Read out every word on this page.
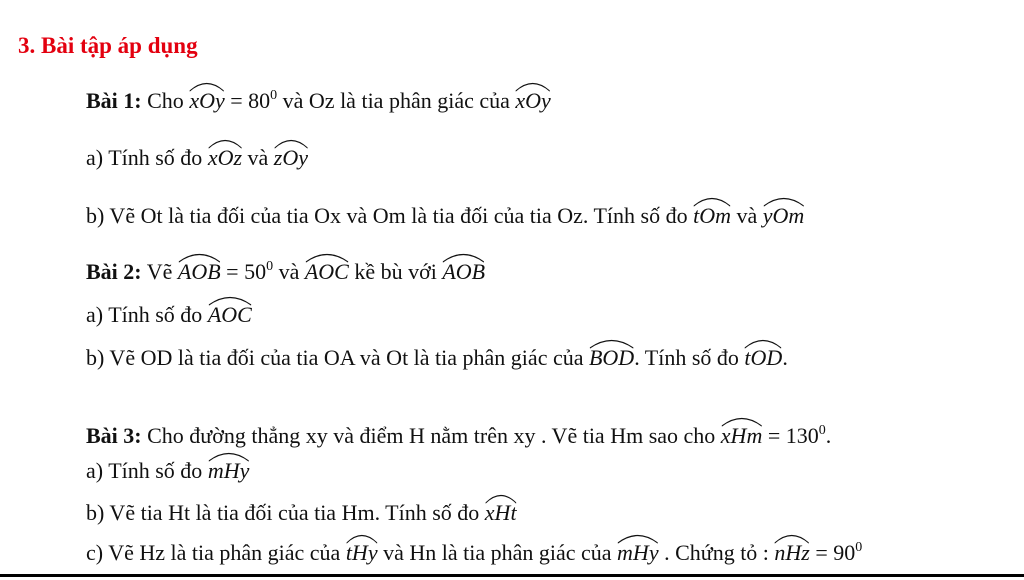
3. Bài tập áp dụng
Bài 1: Cho
xOy = $80^0$ và Oz là tia phân giác của
xOy
a) Tính số đo
xOz và
zOy
b) Vẽ Ot là tia đối của tia Ox và Om là tia đối của tia Oz. Tính số đo
tOm và
yOm
Bài 2: Vẽ
AOB = $50^0$ và
AOC kề bù với
AOB
a) Tính số đo
AOC
b) Vẽ OD là tia đối của tia OA và Ot là tia phân giác của
BOD. Tính số đo
tOD.
Bài 3: Cho đường thẳng xy và điểm H nằm trên xy . Vẽ tia Hm sao cho
xHm = $130^0$.
a) Tính số đo
mHy
b) Vẽ tia Ht là tia đối của tia Hm. Tính số đo
xHt
c) Vẽ Hz là tia phân giác của
tHy và Hn là tia phân giác của
mHy . Chứng tỏ :
nHz = $90^0$
